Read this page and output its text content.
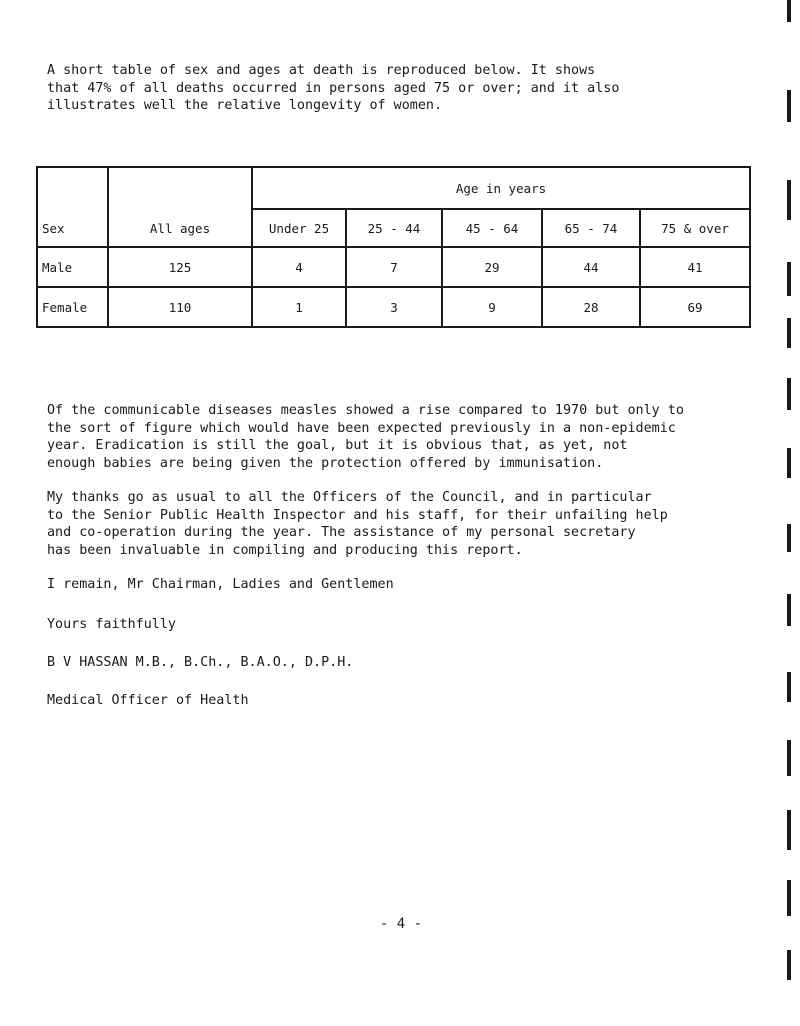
A short table of sex and ages at death is reproduced below. It shows
that 47% of all deaths occurred in persons aged 75 or over; and it also
illustrates well the relative longevity of women.

Sex	All ages	Age in years				
		Under 25	25 - 44	45 - 64	65 - 74	75 & over
Male	125	4	7	29	44	41
Female	110	1	3	9	28	69

Of the communicable diseases measles showed a rise compared to 1970 but only to
the sort of figure which would have been expected previously in a non-epidemic
year. Eradication is still the goal, but it is obvious that, as yet, not
enough babies are being given the protection offered by immunisation.

My thanks go as usual to all the Officers of the Council, and in particular
to the Senior Public Health Inspector and his staff, for their unfailing help
and co-operation during the year. The assistance of my personal secretary
has been invaluable in compiling and producing this report.

I remain, Mr Chairman, Ladies and Gentlemen

Yours faithfully

B V HASSAN M.B., B.Ch., B.A.O., D.P.H.

Medical Officer of Health

- 4 -
